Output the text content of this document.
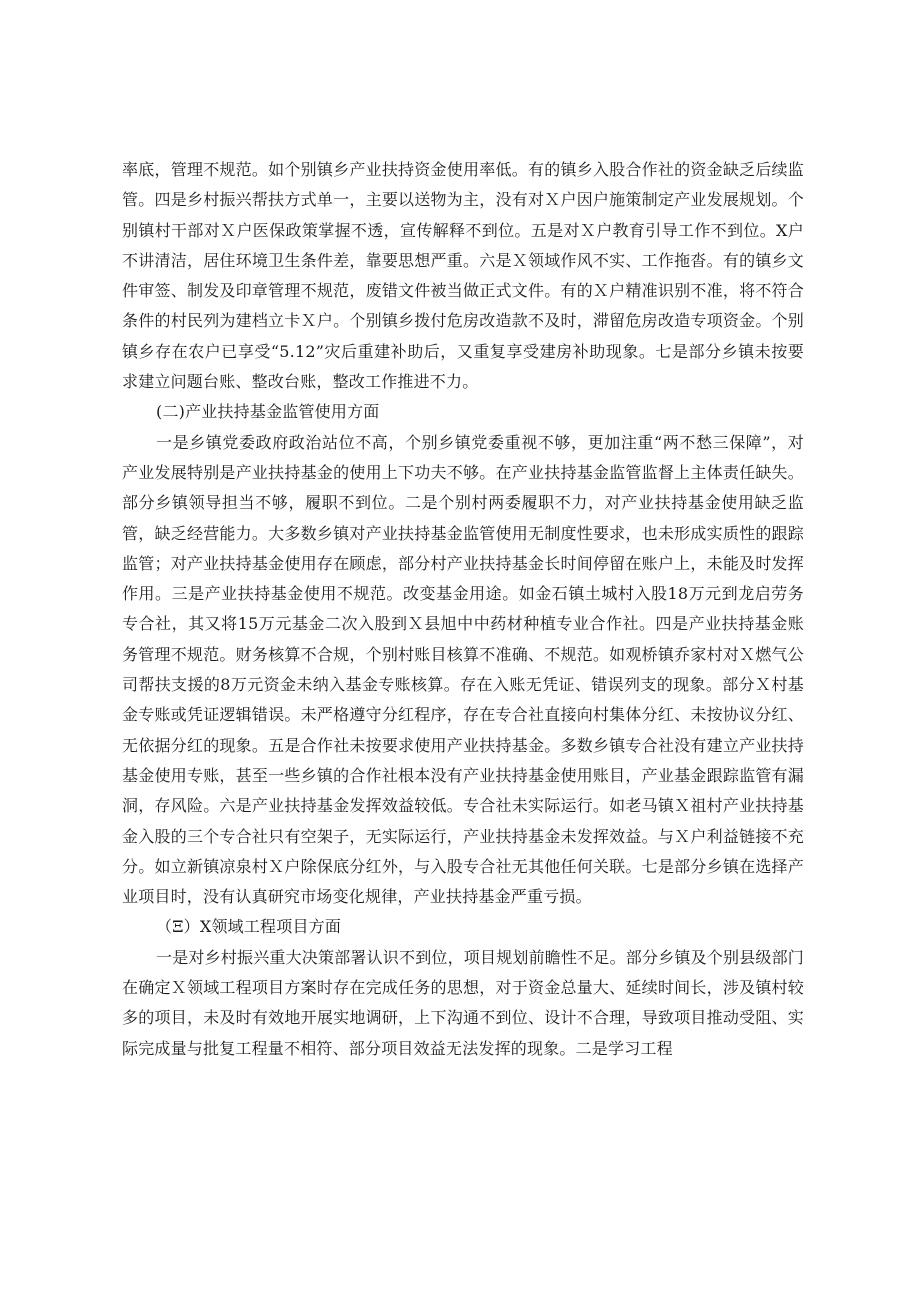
率底，管理不规范。如个别镇乡产业扶持资金使用率低。有的镇乡入股合作社的资金缺乏后续监管。四是乡村振兴帮扶方式单一，主要以送物为主，没有对Ｘ户因户施策制定产业发展规划。个别镇村干部对Ｘ户医保政策掌握不透，宣传解释不到位。五是对Ｘ户教育引导工作不到位。X户不讲清洁，居住环境卫生条件差，靠要思想严重。六是Ｘ领域作风不实、工作拖沓。有的镇乡文件审签、制发及印章管理不规范，废错文件被当做正式文件。有的Ｘ户精准识别不准，将不符合条件的村民列为建档立卡Ｘ户。个别镇乡拨付危房改造款不及时，滞留危房改造专项资金。个别镇乡存在农户已享受“5.12”灾后重建补助后，又重复享受建房补助现象。七是部分乡镇未按要求建立问题台账、整改台账，整改工作推进不力。

(二)产业扶持基金监管使用方面

一是乡镇党委政府政治站位不高，个别乡镇党委重视不够，更加注重“两不愁三保障”，对产业发展特别是产业扶持基金的使用上下功夫不够。在产业扶持基金监管监督上主体责任缺失。部分乡镇领导担当不够，履职不到位。二是个别村两委履职不力，对产业扶持基金使用缺乏监管，缺乏经营能力。大多数乡镇对产业扶持基金监管使用无制度性要求，也未形成实质性的跟踪监管；对产业扶持基金使用存在顾虑，部分村产业扶持基金长时间停留在账户上，未能及时发挥作用。三是产业扶持基金使用不规范。改变基金用途。如金石镇土城村入股18万元到龙启劳务专合社，其又将15万元基金二次入股到Ｘ县旭中中药材种植专业合作社。四是产业扶持基金账务管理不规范。财务核算不合规，个别村账目核算不准确、不规范。如观桥镇乔家村对Ｘ燃气公司帮扶支援的8万元资金未纳入基金专账核算。存在入账无凭证、错误列支的现象。部分Ｘ村基金专账或凭证逻辑错误。未严格遵守分红程序，存在专合社直接向村集体分红、未按协议分红、无依据分红的现象。五是合作社未按要求使用产业扶持基金。多数乡镇专合社没有建立产业扶持基金使用专账，甚至一些乡镇的合作社根本没有产业扶持基金使用账目，产业基金跟踪监管有漏洞，存风险。六是产业扶持基金发挥效益较低。专合社未实际运行。如老马镇Ｘ祖村产业扶持基金入股的三个专合社只有空架子，无实际运行，产业扶持基金未发挥效益。与Ｘ户利益链接不充分。如立新镇凉泉村Ｘ户除保底分红外，与入股专合社无其他任何关联。七是部分乡镇在选择产业项目时，没有认真研究市场变化规律，产业扶持基金严重亏损。

（Ξ）X领域工程项目方面

一是对乡村振兴重大决策部署认识不到位，项目规划前瞻性不足。部分乡镇及个别县级部门在确定Ｘ领域工程项目方案时存在完成任务的思想，对于资金总量大、延续时间长，涉及镇村较多的项目，未及时有效地开展实地调研，上下沟通不到位、设计不合理，导致项目推动受阻、实际完成量与批复工程量不相符、部分项目效益无法发挥的现象。二是学习工程
